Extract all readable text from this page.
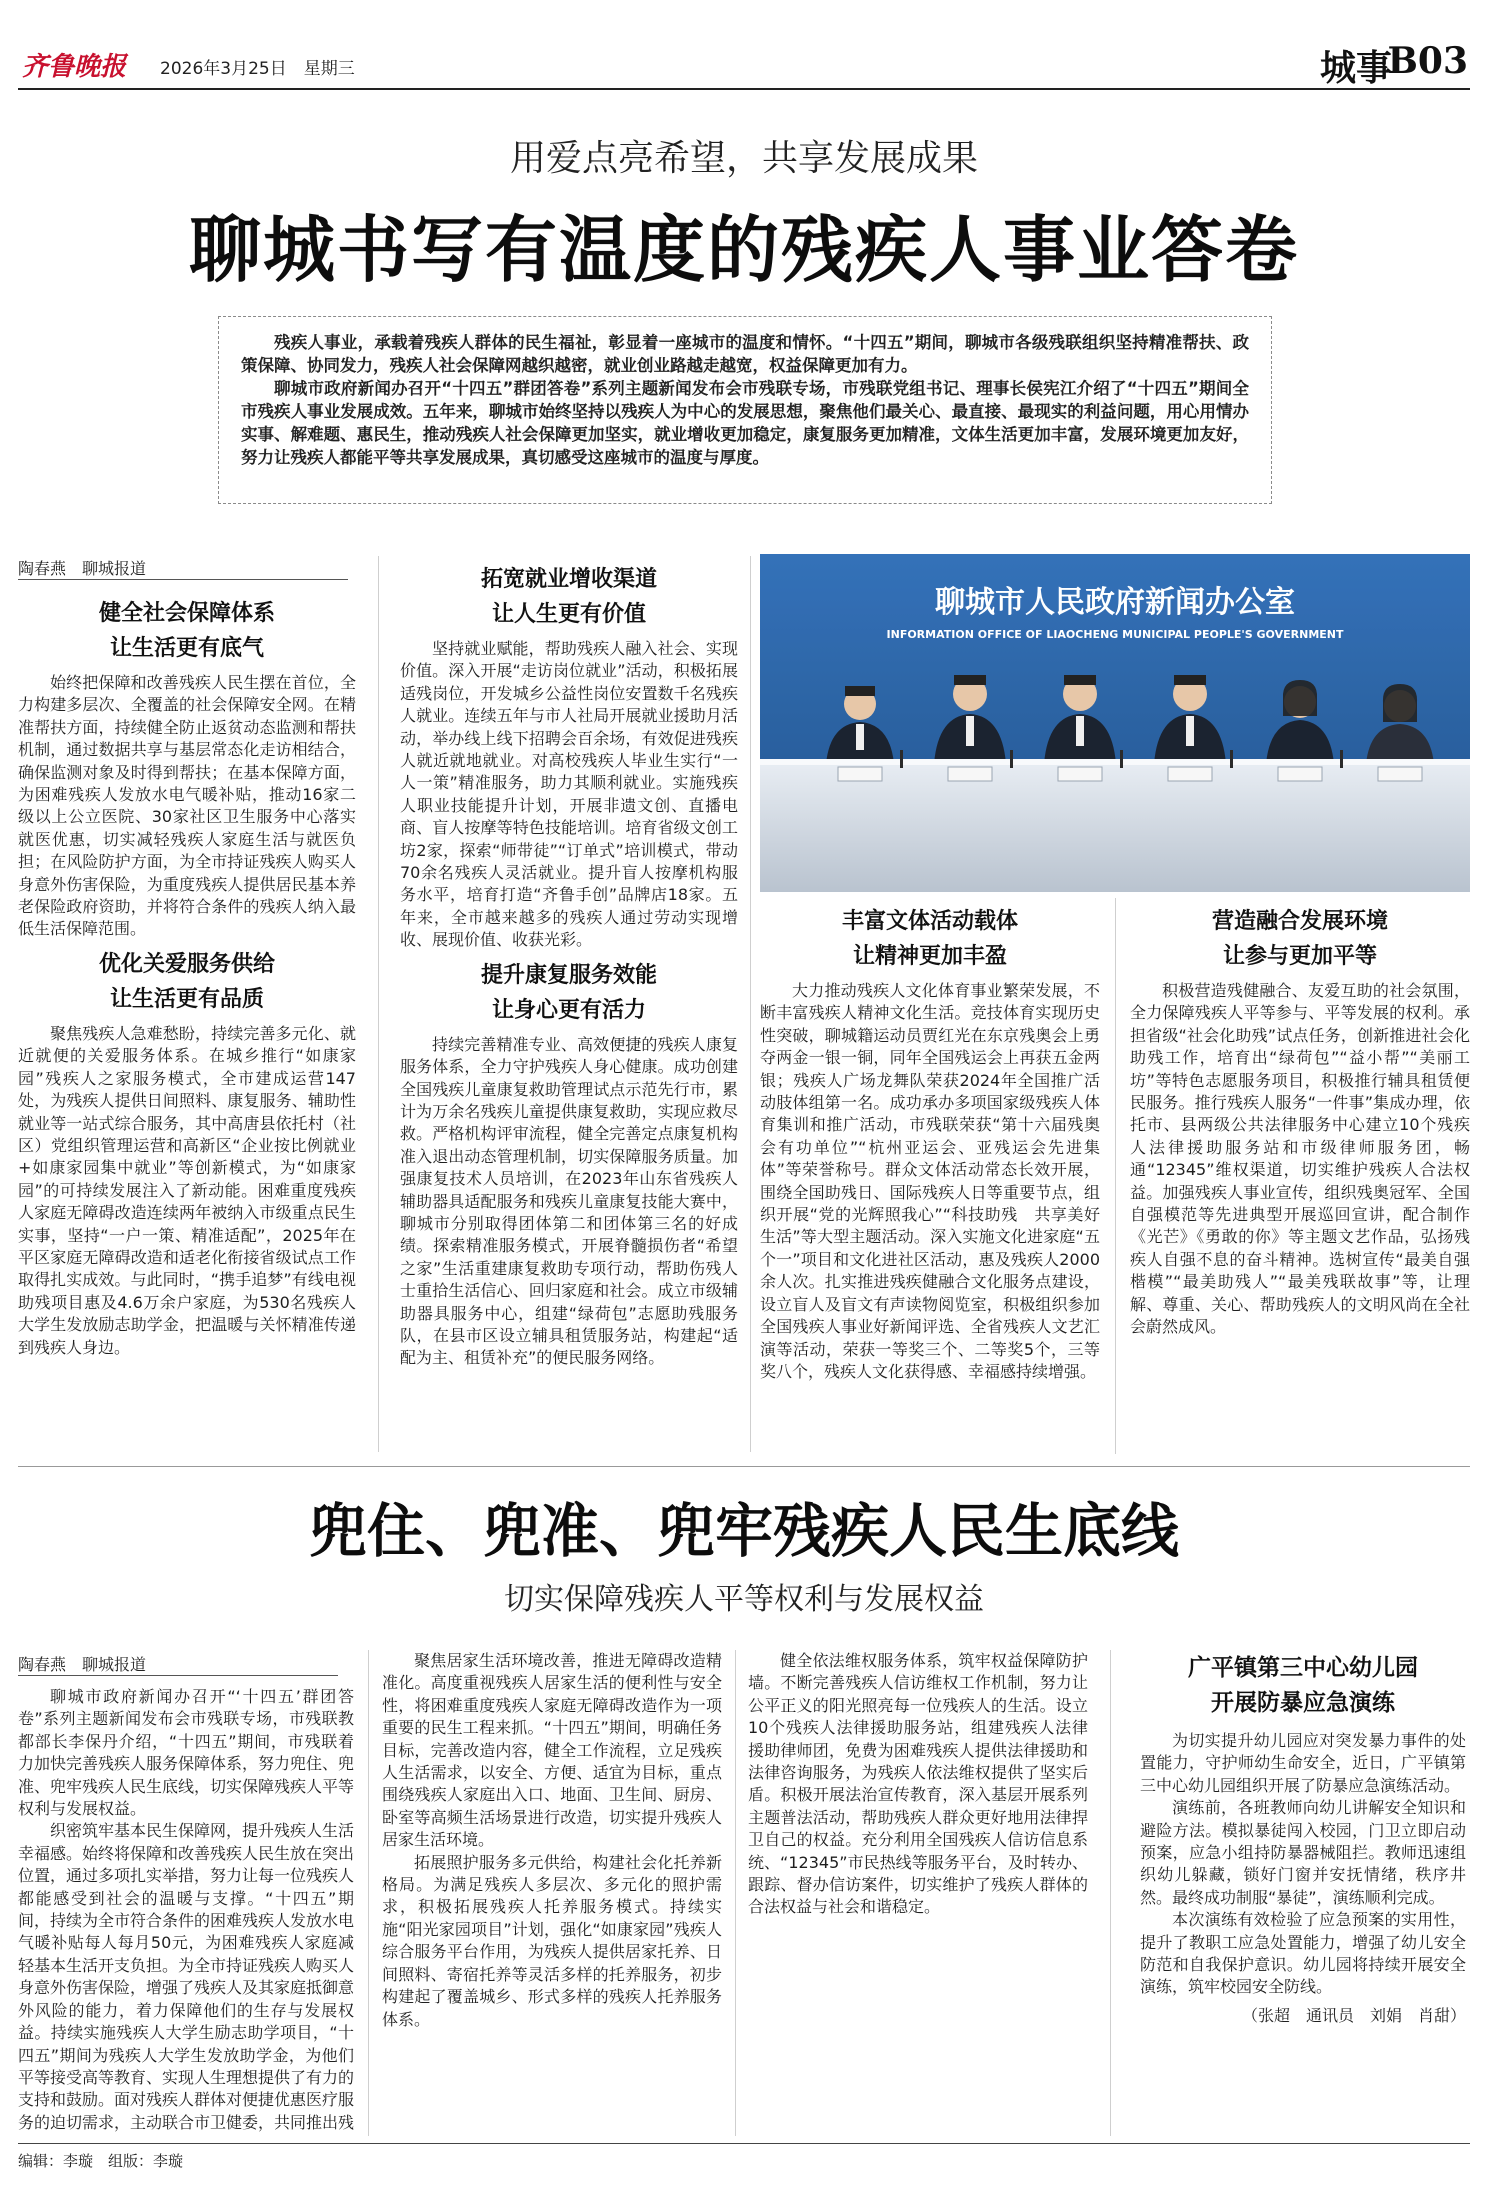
齐鲁晚报 2026年3月25日　星期三	城事
B03
用爱点亮希望，共享发展成果
聊城书写有温度的残疾人事业答卷

残疾人事业，承载着残疾人群体的民生福祉，彰显着一座城市的温度和情怀。“十四五”期间，聊城市各级残联组织坚持精准帮扶、政策保障、协同发力，残疾人社会保障网越织越密，就业创业路越走越宽，权益保障更加有力。

聊城市政府新闻办召开“十四五”群团答卷”系列主题新闻发布会市残联专场，市残联党组书记、理事长侯宪江介绍了“十四五”期间全市残疾人事业发展成效。五年来，聊城市始终坚持以残疾人为中心的发展思想，聚焦他们最关心、最直接、最现实的利益问题，用心用情办实事、解难题、惠民生，推动残疾人社会保障更加坚实，就业增收更加稳定，康复服务更加精准，文体生活更加丰富，发展环境更加友好，努力让残疾人都能平等共享发展成果，真切感受这座城市的温度与厚度。

陶春燕　聊城报道
健全社会保障体系
让生活更有底气

始终把保障和改善残疾人民生摆在首位，全力构建多层次、全覆盖的社会保障安全网。在精准帮扶方面，持续健全防止返贫动态监测和帮扶机制，通过数据共享与基层常态化走访相结合，确保监测对象及时得到帮扶；在基本保障方面，为困难残疾人发放水电气暖补贴，推动16家二级以上公立医院、30家社区卫生服务中心落实就医优惠，切实减轻残疾人家庭生活与就医负担；在风险防护方面，为全市持证残疾人购买人身意外伤害保险，为重度残疾人提供居民基本养老保险政府资助，并将符合条件的残疾人纳入最低生活保障范围。

优化关爱服务供给
让生活更有品质

聚焦残疾人急难愁盼，持续完善多元化、就近就便的关爱服务体系。在城乡推行“如康家园”残疾人之家服务模式，全市建成运营147处，为残疾人提供日间照料、康复服务、辅助性就业等一站式综合服务，其中高唐县依托村（社区）党组织管理运营和高新区“企业按比例就业+如康家园集中就业”等创新模式，为“如康家园”的可持续发展注入了新动能。困难重度残疾人家庭无障碍改造连续两年被纳入市级重点民生实事，坚持“一户一策、精准适配”，2025年在平区家庭无障碍改造和适老化衔接省级试点工作取得扎实成效。与此同时，“携手追梦”有线电视助残项目惠及4.6万余户家庭，为530名残疾人大学生发放励志助学金，把温暖与关怀精准传递到残疾人身边。

拓宽就业增收渠道
让人生更有价值

坚持就业赋能，帮助残疾人融入社会、实现价值。深入开展“走访岗位就业”活动，积极拓展适残岗位，开发城乡公益性岗位安置数千名残疾人就业。连续五年与市人社局开展就业援助月活动，举办线上线下招聘会百余场，有效促进残疾人就近就地就业。对高校残疾人毕业生实行“一人一策”精准服务，助力其顺利就业。实施残疾人职业技能提升计划，开展非遗文创、直播电商、盲人按摩等特色技能培训。培育省级文创工坊2家，探索“师带徒”“订单式”培训模式，带动70余名残疾人灵活就业。提升盲人按摩机构服务水平，培育打造“齐鲁手创”品牌店18家。五年来，全市越来越多的残疾人通过劳动实现增收、展现价值、收获光彩。

提升康复服务效能
让身心更有活力

持续完善精准专业、高效便捷的残疾人康复服务体系，全力守护残疾人身心健康。成功创建全国残疾儿童康复救助管理试点示范先行市，累计为万余名残疾儿童提供康复救助，实现应救尽救。严格机构评审流程，健全完善定点康复机构准入退出动态管理机制，切实保障服务质量。加强康复技术人员培训，在2023年山东省残疾人辅助器具适配服务和残疾儿童康复技能大赛中，聊城市分别取得团体第二和团体第三名的好成绩。探索精准服务模式，开展脊髓损伤者“希望之家”生活重建康复救助专项行动，帮助伤残人士重拾生活信心、回归家庭和社会。成立市级辅助器具服务中心，组建“绿荷包”志愿助残服务队，在县市区设立辅具租赁服务站，构建起“适配为主、租赁补充”的便民服务网络。

聊城市人民政府新闻办公室
INFORMATION OFFICE OF LIAOCHENG MUNICIPAL PEOPLE'S GOVERNMENT
丰富文体活动载体
让精神更加丰盈

大力推动残疾人文化体育事业繁荣发展，不断丰富残疾人精神文化生活。竞技体育实现历史性突破，聊城籍运动员贾红光在东京残奥会上勇夺两金一银一铜，同年全国残运会上再获五金两银；残疾人广场龙舞队荣获2024年全国推广活动肢体组第一名。成功承办多项国家级残疾人体育集训和推广活动，市残联荣获“第十六届残奥会有功单位”“杭州亚运会、亚残运会先进集体”等荣誉称号。群众文体活动常态长效开展，围绕全国助残日、国际残疾人日等重要节点，组织开展“党的光辉照我心”“科技助残　共享美好生活”等大型主题活动。深入实施文化进家庭“五个一”项目和文化进社区活动，惠及残疾人2000余人次。扎实推进残疾健融合文化服务点建设，设立盲人及盲文有声读物阅览室，积极组织参加全国残疾人事业好新闻评选、全省残疾人文艺汇演等活动，荣获一等奖三个、二等奖5个，三等奖八个，残疾人文化获得感、幸福感持续增强。

营造融合发展环境
让参与更加平等

积极营造残健融合、友爱互助的社会氛围，全力保障残疾人平等参与、平等发展的权利。承担省级“社会化助残”试点任务，创新推进社会化助残工作，培育出“绿荷包”“益小帮”“美丽工坊”等特色志愿服务项目，积极推行辅具租赁便民服务。推行残疾人服务“一件事”集成办理，依托市、县两级公共法律服务中心建立10个残疾人法律援助服务站和市级律师服务团，畅通“12345”维权渠道，切实维护残疾人合法权益。加强残疾人事业宣传，组织残奥冠军、全国自强模范等先进典型开展巡回宣讲，配合制作《光芒》《勇敢的你》等主题文艺作品，弘扬残疾人自强不息的奋斗精神。选树宣传“最美自强楷模”“最美助残人”“最美残联故事”等，让理解、尊重、关心、帮助残疾人的文明风尚在全社会蔚然成风。

兜住、兜准、兜牢残疾人民生底线
切实保障残疾人平等权利与发展权益
陶春燕　聊城报道

聊城市政府新闻办召开“‘十四五’群团答卷”系列主题新闻发布会市残联专场，市残联教都部长李保丹介绍，“十四五”期间，市残联着力加快完善残疾人服务保障体系，努力兜住、兜准、兜牢残疾人民生底线，切实保障残疾人平等权利与发展权益。

织密筑牢基本民生保障网，提升残疾人生活幸福感。始终将保障和改善残疾人民生放在突出位置，通过多项扎实举措，努力让每一位残疾人都能感受到社会的温暖与支撑。“十四五”期间，持续为全市符合条件的困难残疾人发放水电气暖补贴每人每月50元，为困难残疾人家庭减轻基本生活开支负担。为全市持证残疾人购买人身意外伤害保险，增强了残疾人及其家庭抵御意外风险的能力，着力保障他们的生存与发展权益。持续实施残疾人大学生励志助学项目，“十四五”期间为残疾人大学生发放助学金，为他们平等接受高等教育、实现人生理想提供了有力的支持和鼓励。面对残疾人群体对便捷优惠医疗服务的迫切需求，主动联合市卫健委，共同推出残

聚焦居家生活环境改善，推进无障碍改造精准化。高度重视残疾人居家生活的便利性与安全性，将困难重度残疾人家庭无障碍改造作为一项重要的民生工程来抓。“十四五”期间，明确任务目标，完善改造内容，健全工作流程，立足残疾人生活需求，以安全、方便、适宜为目标，重点围绕残疾人家庭出入口、地面、卫生间、厨房、卧室等高频生活场景进行改造，切实提升残疾人居家生活环境。

拓展照护服务多元供给，构建社会化托养新格局。为满足残疾人多层次、多元化的照护需求，积极拓展残疾人托养服务模式。持续实施“阳光家园项目”计划，强化“如康家园”残疾人综合服务平台作用，为残疾人提供居家托养、日间照料、寄宿托养等灵活多样的托养服务，初步构建起了覆盖城乡、形式多样的残疾人托养服务体系。

健全依法维权服务体系，筑牢权益保障防护墙。不断完善残疾人信访维权工作机制，努力让公平正义的阳光照亮每一位残疾人的生活。设立10个残疾人法律援助服务站，组建残疾人法律援助律师团，免费为困难残疾人提供法律援助和法律咨询服务，为残疾人依法维权提供了坚实后盾。积极开展法治宣传教育，深入基层开展系列主题普法活动，帮助残疾人群众更好地用法律捍卫自己的权益。充分利用全国残疾人信访信息系统、“12345”市民热线等服务平台，及时转办、跟踪、督办信访案件，切实维护了残疾人群体的合法权益与社会和谐稳定。

广平镇第三中心幼儿园
开展防暴应急演练

为切实提升幼儿园应对突发暴力事件的处置能力，守护师幼生命安全，近日，广平镇第三中心幼儿园组织开展了防暴应急演练活动。

演练前，各班教师向幼儿讲解安全知识和避险方法。模拟暴徒闯入校园，门卫立即启动预案，应急小组持防暴器械阻拦。教师迅速组织幼儿躲藏，锁好门窗并安抚情绪，秩序井然。最终成功制服“暴徒”，演练顺利完成。

本次演练有效检验了应急预案的实用性，提升了教职工应急处置能力，增强了幼儿安全防范和自我保护意识。幼儿园将持续开展安全演练，筑牢校园安全防线。

（张超　通讯员　刘娟　肖甜）
编辑：李璇　组版：李璇
